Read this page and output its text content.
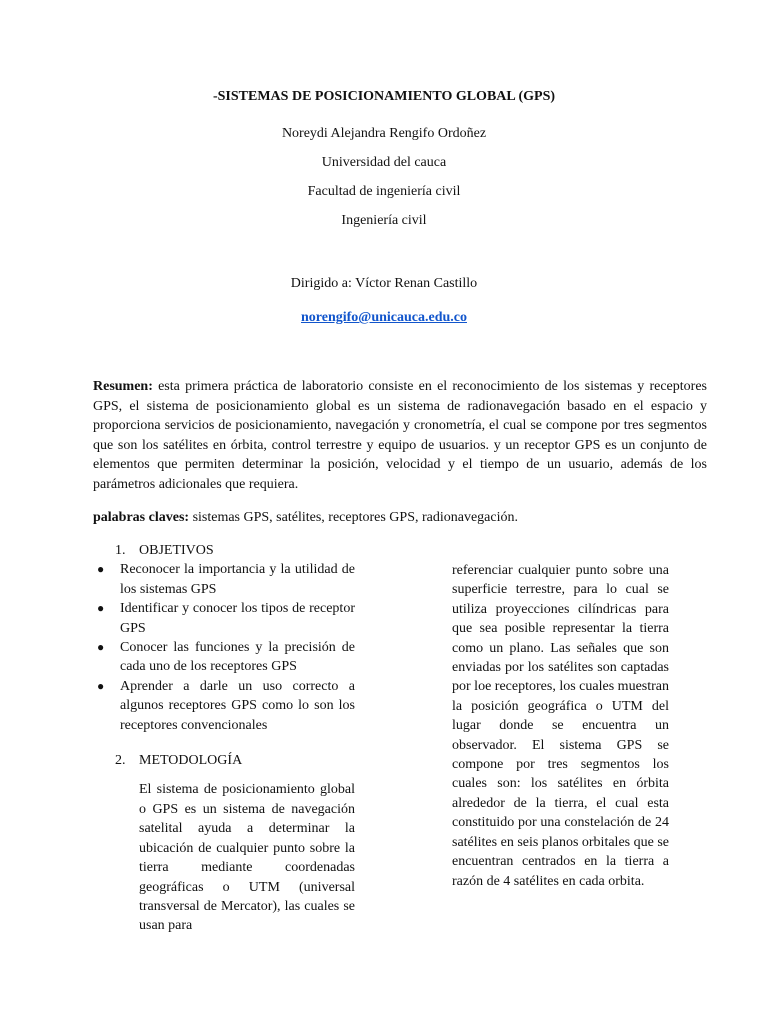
-SISTEMAS DE POSICIONAMIENTO GLOBAL (GPS)
Noreydi Alejandra Rengifo Ordoñez
Universidad del cauca
Facultad de ingeniería civil
Ingeniería civil
Dirigido a: Víctor Renan Castillo
norengifo@unicauca.edu.co
Resumen: esta primera práctica de laboratorio consiste en el reconocimiento de los sistemas y receptores GPS, el sistema de posicionamiento global es un sistema de radionavegación basado en el espacio y proporciona servicios de posicionamiento, navegación y cronometría, el cual se compone por tres segmentos que son los satélites en órbita, control terrestre y equipo de usuarios. y un receptor GPS es un conjunto de elementos que permiten determinar la posición, velocidad y el tiempo de un usuario, además de los parámetros adicionales que requiera.
palabras claves: sistemas GPS, satélites, receptores GPS, radionavegación.
1. OBJETIVOS
● Reconocer la importancia y la utilidad de los sistemas GPS
● Identificar y conocer los tipos de receptor GPS
● Conocer las funciones y la precisión de cada uno de los receptores GPS
● Aprender a darle un uso correcto a algunos receptores GPS como lo son los receptores convencionales
2. METODOLOGÍA
El sistema de posicionamiento global o GPS es un sistema de navegación satelital ayuda a determinar la ubicación de cualquier punto sobre la tierra mediante coordenadas geográficas o UTM (universal transversal de Mercator), las cuales se usan para
referenciar cualquier punto sobre una superficie terrestre, para lo cual se utiliza proyecciones cilíndricas para que sea posible representar la tierra como un plano. Las señales que son enviadas por los satélites son captadas por loe receptores, los cuales muestran la posición geográfica o UTM del lugar donde se encuentra un observador. El sistema GPS se compone por tres segmentos los cuales son: los satélites en órbita alrededor de la tierra, el cual esta constituido por una constelación de 24 satélites en seis planos orbitales que se encuentran centrados en la tierra a razón de 4 satélites en cada orbita.
